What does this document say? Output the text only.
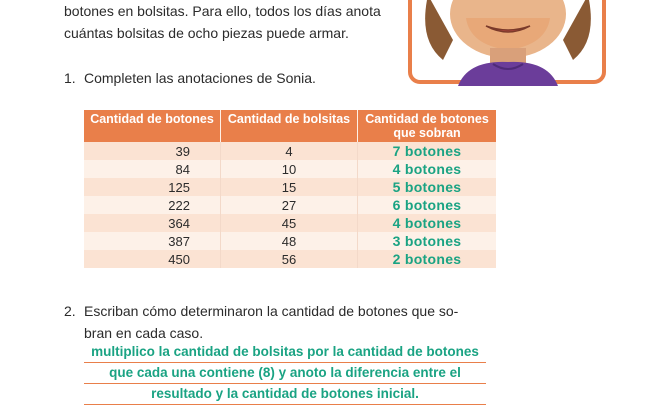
botones en bolsitas. Para ello, todos los días anota
cuántas bolsitas de ocho piezas puede armar.
1. Completen las anotaciones de Sonia.
Cantidad de botones	Cantidad de bolsitas	Cantidad de botones
que sobran
39	4	7 botones
84	10	4 botones
125	15	5 botones
222	27	6 botones
364	45	4 botones
387	48	3 botones
450	56	2 botones
2. Escriban cómo determinaron la cantidad de botones que so-
bran en cada caso.
multiplico la cantidad de bolsitas por la cantidad de botones
que cada una contiene (8) y anoto la diferencia entre el
resultado y la cantidad de botones inicial.
